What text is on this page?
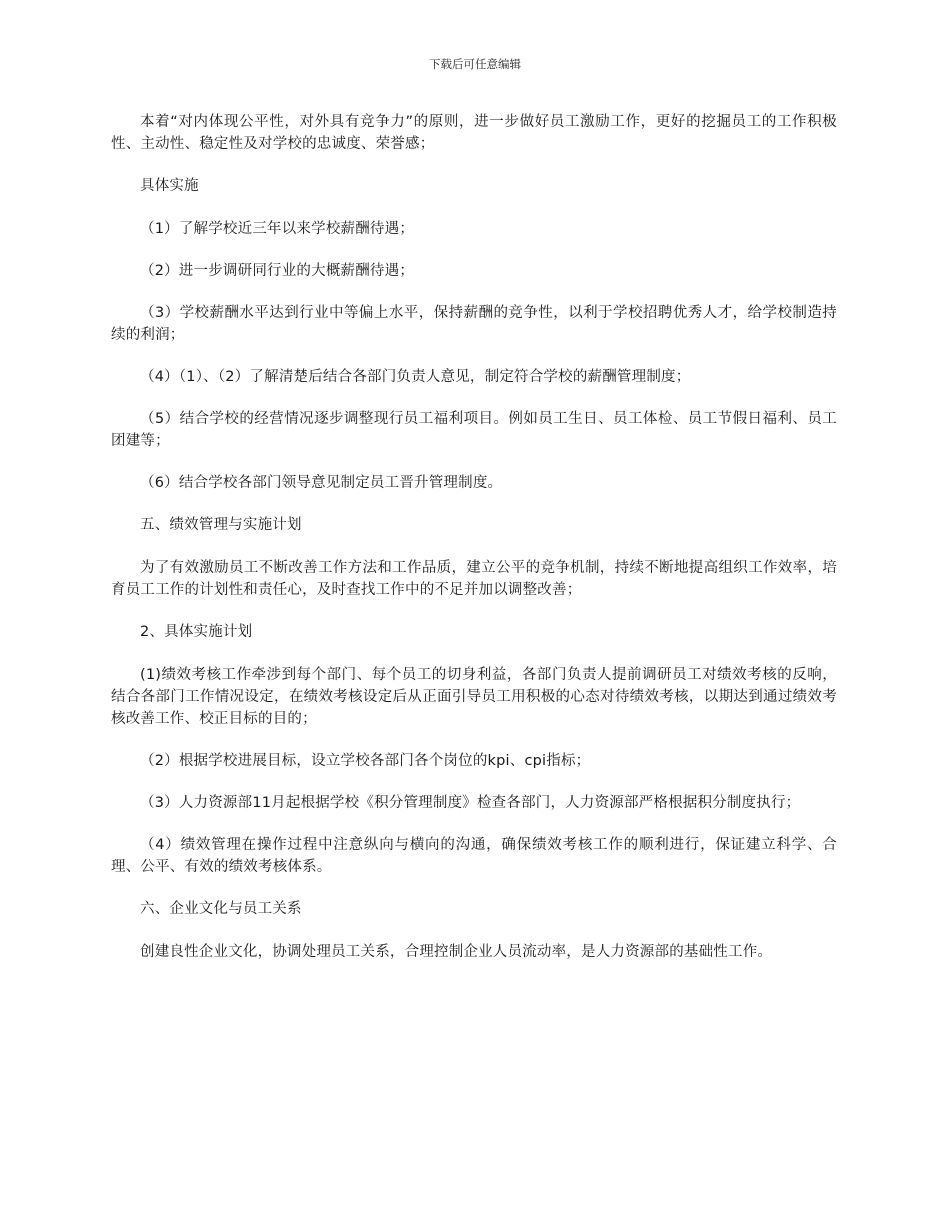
下载后可任意编辑

本着“对内体现公平性，对外具有竞争力”的原则，进一步做好员工激励工作，更好的挖掘员工的工作积极性、主动性、稳定性及对学校的忠诚度、荣誉感；

具体实施

（1）了解学校近三年以来学校薪酬待遇；

（2）进一步调研同行业的大概薪酬待遇；

（3）学校薪酬水平达到行业中等偏上水平，保持薪酬的竞争性，以利于学校招聘优秀人才，给学校制造持续的利润；

（4）（1）、（2）了解清楚后结合各部门负责人意见，制定符合学校的薪酬管理制度；

（5）结合学校的经营情况逐步调整现行员工福利项目。例如员工生日、员工体检、员工节假日福利、员工团建等；

（6）结合学校各部门领导意见制定员工晋升管理制度。

五、绩效管理与实施计划

为了有效激励员工不断改善工作方法和工作品质，建立公平的竞争机制，持续不断地提高组织工作效率，培育员工工作的计划性和责任心，及时查找工作中的不足并加以调整改善；

2、具体实施计划

(1)绩效考核工作牵涉到每个部门、每个员工的切身利益，各部门负责人提前调研员工对绩效考核的反响，结合各部门工作情况设定，在绩效考核设定后从正面引导员工用积极的心态对待绩效考核，以期达到通过绩效考核改善工作、校正目标的目的；

（2）根据学校进展目标，设立学校各部门各个岗位的kpi、cpi指标；

（3）人力资源部11月起根据学校《积分管理制度》检查各部门，人力资源部严格根据积分制度执行；

（4）绩效管理在操作过程中注意纵向与横向的沟通，确保绩效考核工作的顺利进行，保证建立科学、合理、公平、有效的绩效考核体系。

六、企业文化与员工关系

创建良性企业文化，协调处理员工关系，合理控制企业人员流动率，是人力资源部的基础性工作。
